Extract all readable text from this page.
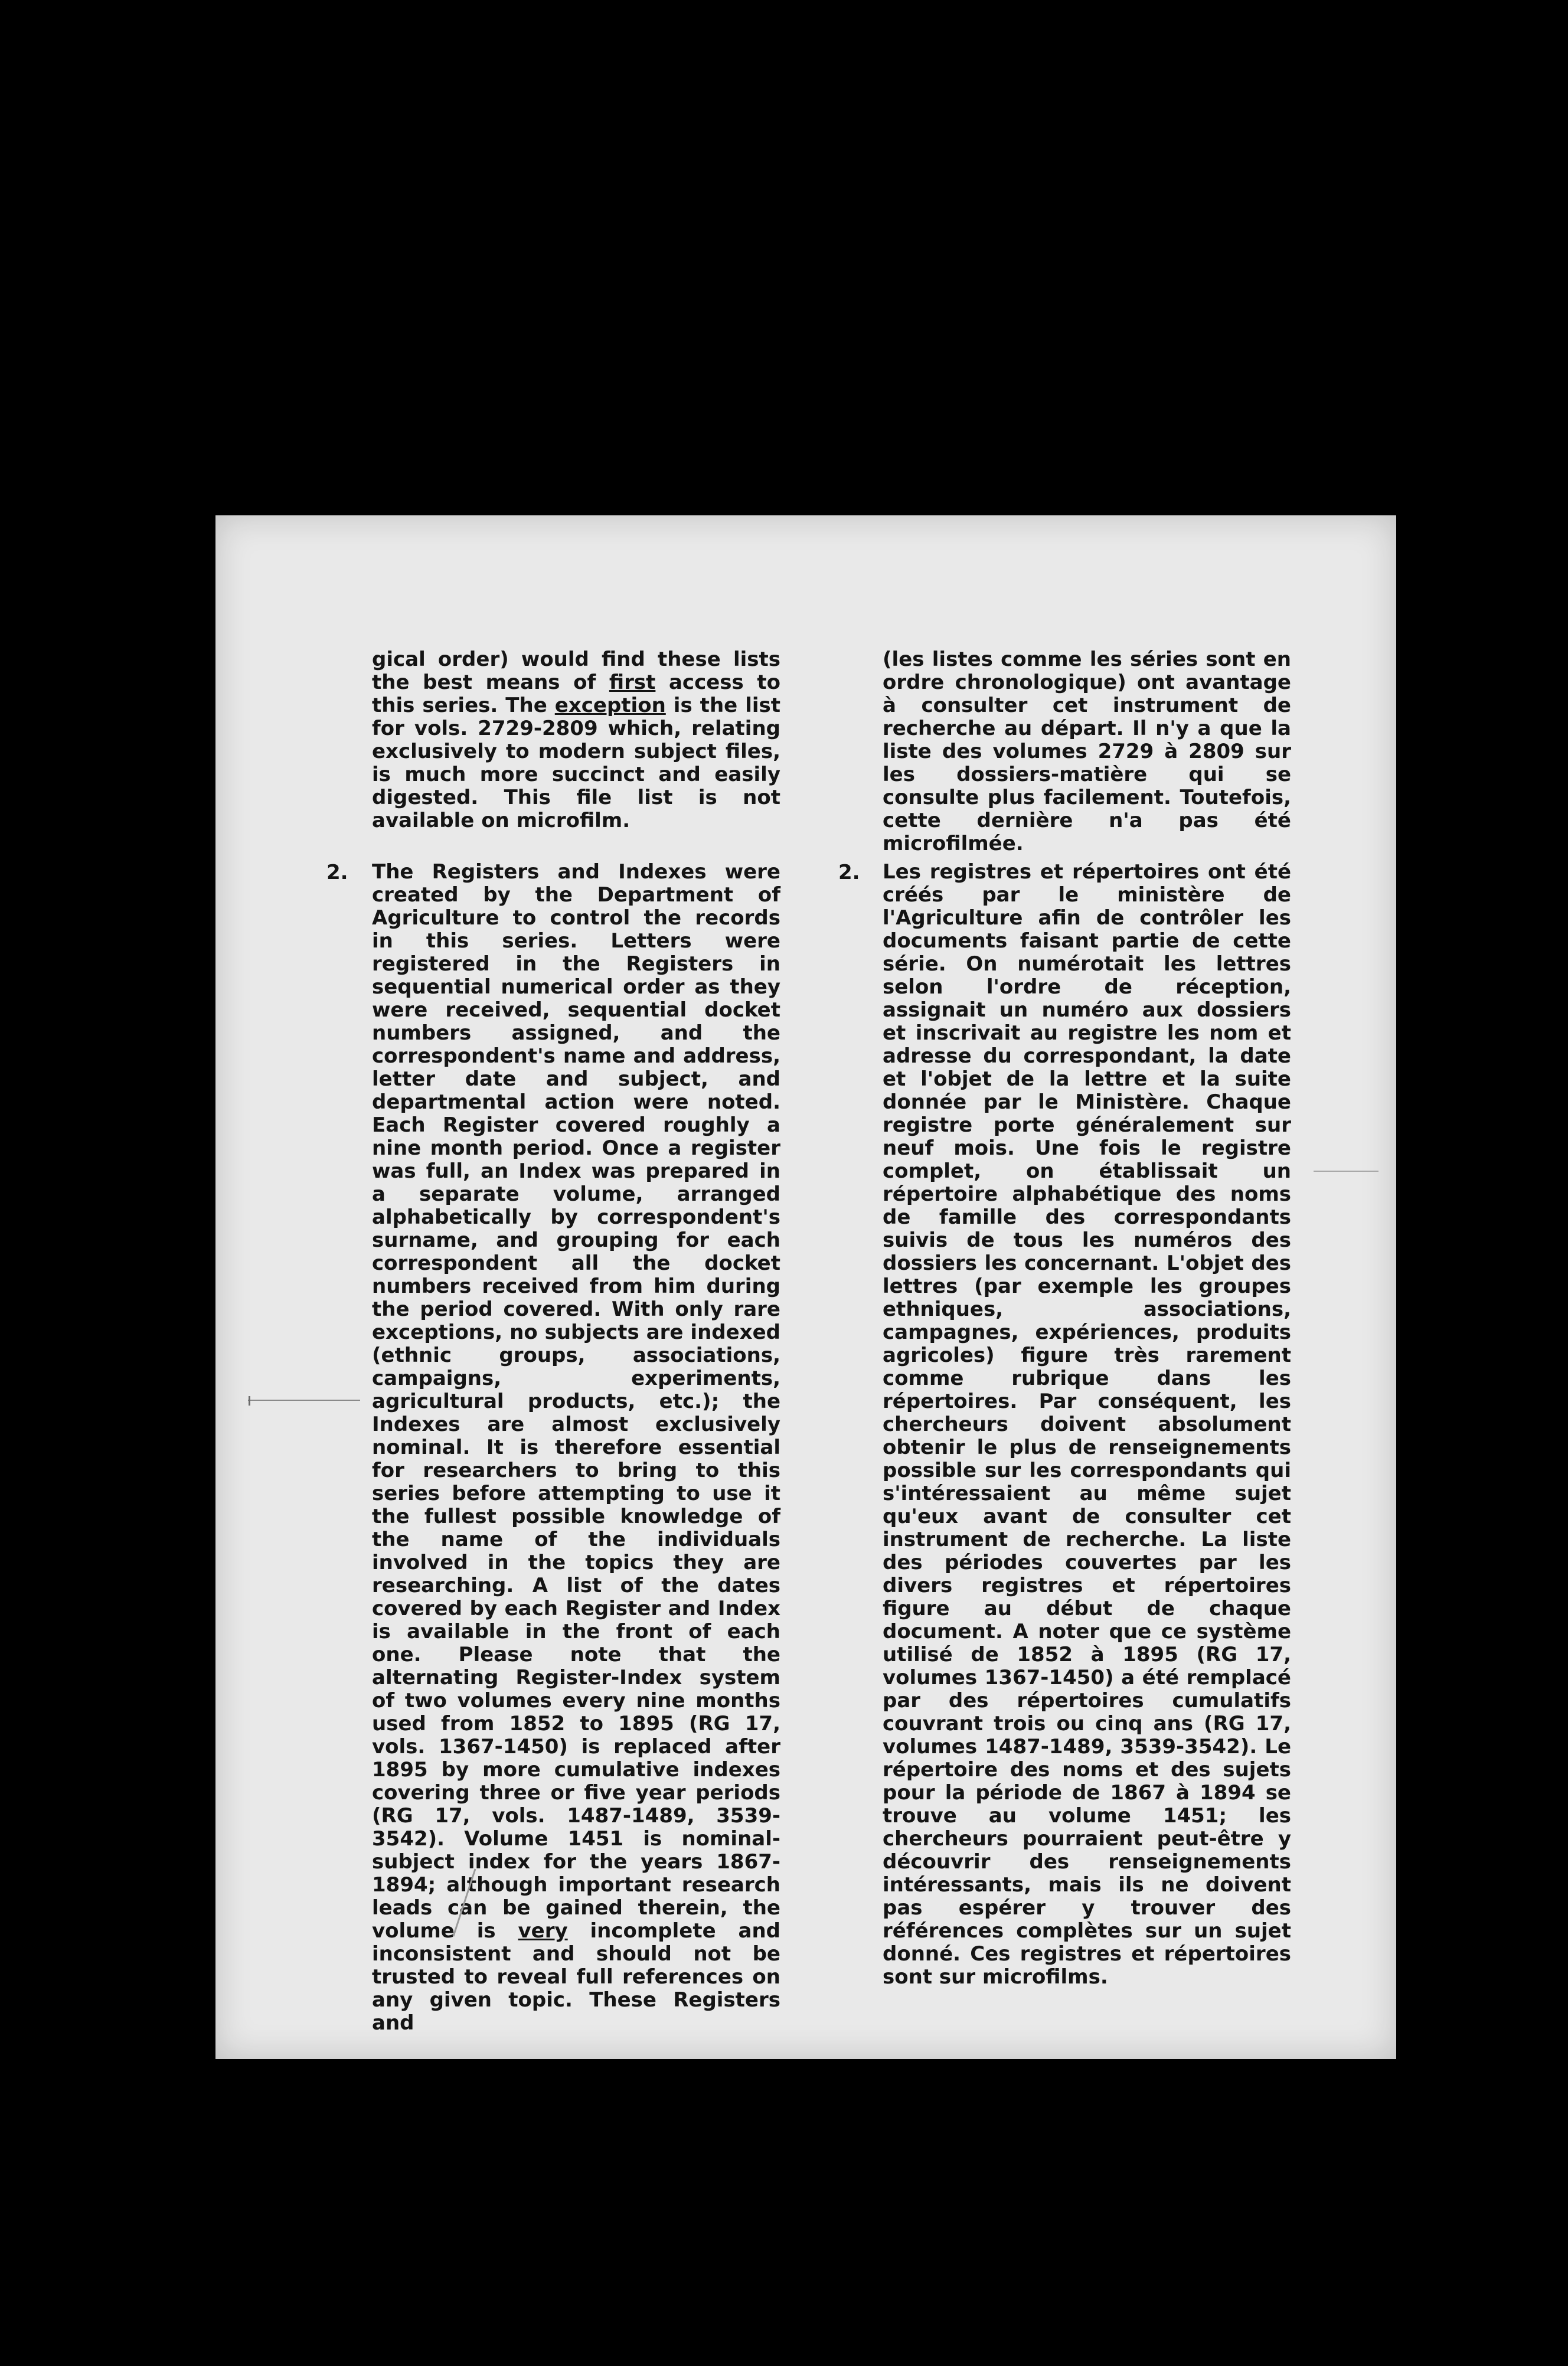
gical order) would find these lists the best means of first access to this series. The exception is the list for vols. 2729-2809 which, relating exclusively to modern subject files, is much more succinct and easily digested. This file list is not available on microfilm.
(les listes comme les séries sont en ordre chronologique) ont avantage à consulter cet instrument de recherche au départ. Il n'y a que la liste des volumes 2729 à 2809 sur les dossiers-matière qui se consulte plus facilement. Toutefois, cette dernière n'a pas été microfilmée.
2.	2.
The Registers and Indexes were created by the Department of Agriculture to control the records in this series. Letters were registered in the Registers in sequential numerical order as they were received, sequential docket numbers assigned, and the correspondent's name and address, letter date and subject, and departmental action were noted. Each Register covered roughly a nine month period. Once a register was full, an Index was prepared in a separate volume, arranged alphabetically by correspondent's surname, and grouping for each correspondent all the docket numbers received from him during the period covered. With only rare exceptions, no subjects are indexed (ethnic groups, associations, campaigns, experiments, agricultural products, etc.); the Indexes are almost exclusively nominal. It is therefore essential for researchers to bring to this series before attempting to use it the fullest possible knowledge of the name of the individuals involved in the topics they are researching. A list of the dates covered by each Register and Index is available in the front of each one. Please note that the alternating Register-Index system of two volumes every nine months used from 1852 to 1895 (RG 17, vols. 1367-1450) is replaced after 1895 by more cumulative indexes covering three or five year periods (RG 17, vols. 1487-1489, 3539-3542). Volume 1451 is nominal-subject index for the years 1867-1894; although important research leads can be gained therein, the volume is very incomplete and inconsistent and should not be trusted to reveal full references on any given topic. These Registers and
Les registres et répertoires ont été créés par le ministère de l'Agriculture afin de contrôler les documents faisant partie de cette série. On numérotait les lettres selon l'ordre de réception, assignait un numéro aux dossiers et inscrivait au registre les nom et adresse du correspondant, la date et l'objet de la lettre et la suite donnée par le Ministère. Chaque registre porte généralement sur neuf mois. Une fois le registre complet, on établissait un répertoire alphabétique des noms de famille des correspondants suivis de tous les numéros des dossiers les concernant. L'objet des lettres (par exemple les groupes ethniques, associations, campagnes, expériences, produits agricoles) figure très rarement comme rubrique dans les répertoires. Par conséquent, les chercheurs doivent absolument obtenir le plus de renseignements possible sur les correspondants qui s'intéressaient au même sujet qu'eux avant de consulter cet instrument de recherche. La liste des périodes couvertes par les divers registres et répertoires figure au début de chaque document. A noter que ce système utilisé de 1852 à 1895 (RG 17, volumes 1367-1450) a été remplacé par des répertoires cumulatifs couvrant trois ou cinq ans (RG 17, volumes 1487-1489, 3539-3542). Le répertoire des noms et des sujets pour la période de 1867 à 1894 se trouve au volume 1451; les chercheurs pourraient peut-être y découvrir des renseignements intéressants, mais ils ne doivent pas espérer y trouver des références complètes sur un sujet donné. Ces registres et répertoires sont sur microfilms.
